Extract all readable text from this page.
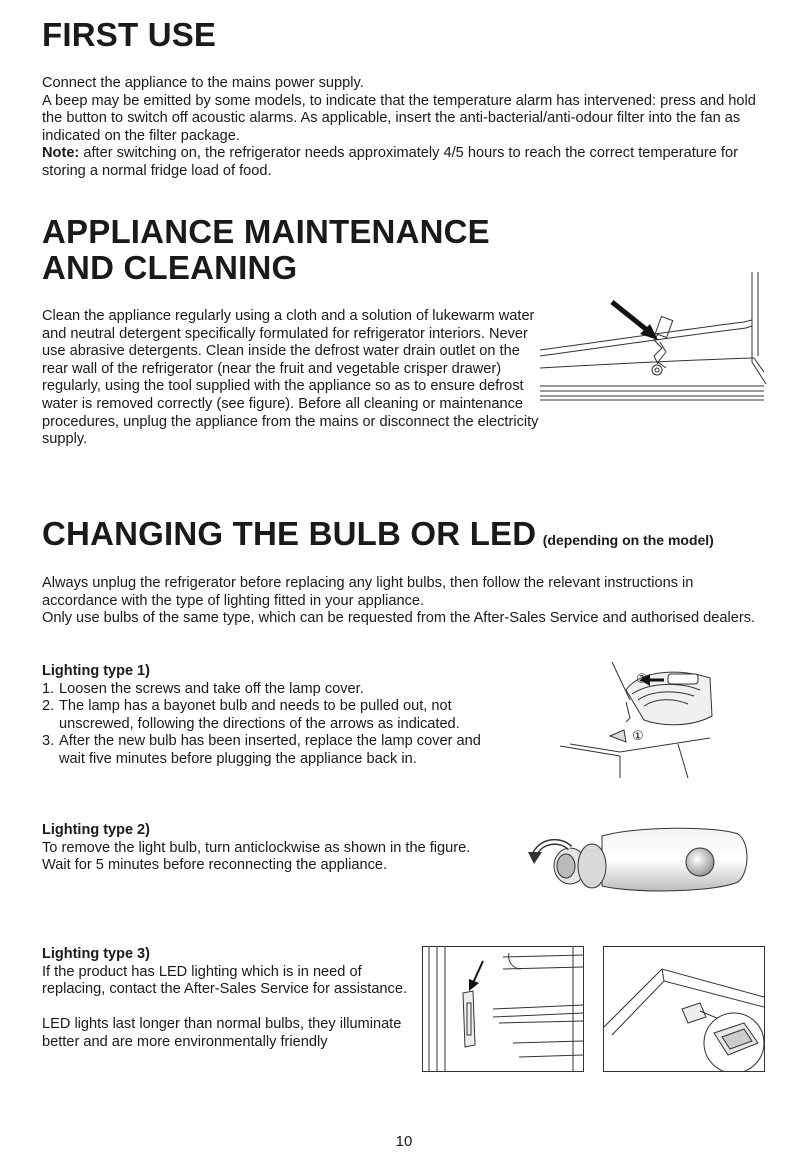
FIRST USE

Connect the appliance to the mains power supply.

A beep may be emitted by some models, to indicate that the temperature alarm has intervened: press and hold the button to switch off acoustic alarms. As applicable, insert the anti-bacterial/anti-odour filter into the fan as indicated on the filter package.

Note: after switching on, the refrigerator needs approximately 4/5 hours to reach the correct temperature for storing a normal fridge load of food.

APPLIANCE MAINTENANCE
AND CLEANING

Clean the appliance regularly using a cloth and a solution of lukewarm water and neutral detergent specifically formulated for refrigerator interiors. Never use abrasive detergents. Clean inside the defrost water drain outlet on the rear wall of the refrigerator (near the fruit and vegetable crisper drawer) regularly, using the tool supplied with the appliance so as to ensure defrost water is removed correctly (see figure). Before all cleaning or maintenance procedures, unplug the appliance from the mains or disconnect the electricity supply.

CHANGING THE BULB OR LED (depending on the model)

Always unplug the refrigerator before replacing any light bulbs, then follow the relevant instructions in accordance with the type of lighting fitted in your appliance.

Only use bulbs of the same type, which can be requested from the After-Sales Service and authorised dealers.

Lighting type 1)

1. Loosen the screws and take off the lamp cover.
2. The lamp has a bayonet bulb and needs to be pulled out, not unscrewed, following the directions of the arrows as indicated.
3. After the new bulb has been inserted, replace the lamp cover and wait five minutes before plugging the appliance back in.
②
①

Lighting type 2)

To remove the light bulb, turn anticlockwise as shown in the figure.

Wait for 5 minutes before reconnecting the appliance.

Lighting type 3)

If the product has LED lighting which is in need of replacing, contact the After-Sales Service for assistance.

LED lights last longer than normal bulbs, they illuminate better and are more environmentally friendly

10
